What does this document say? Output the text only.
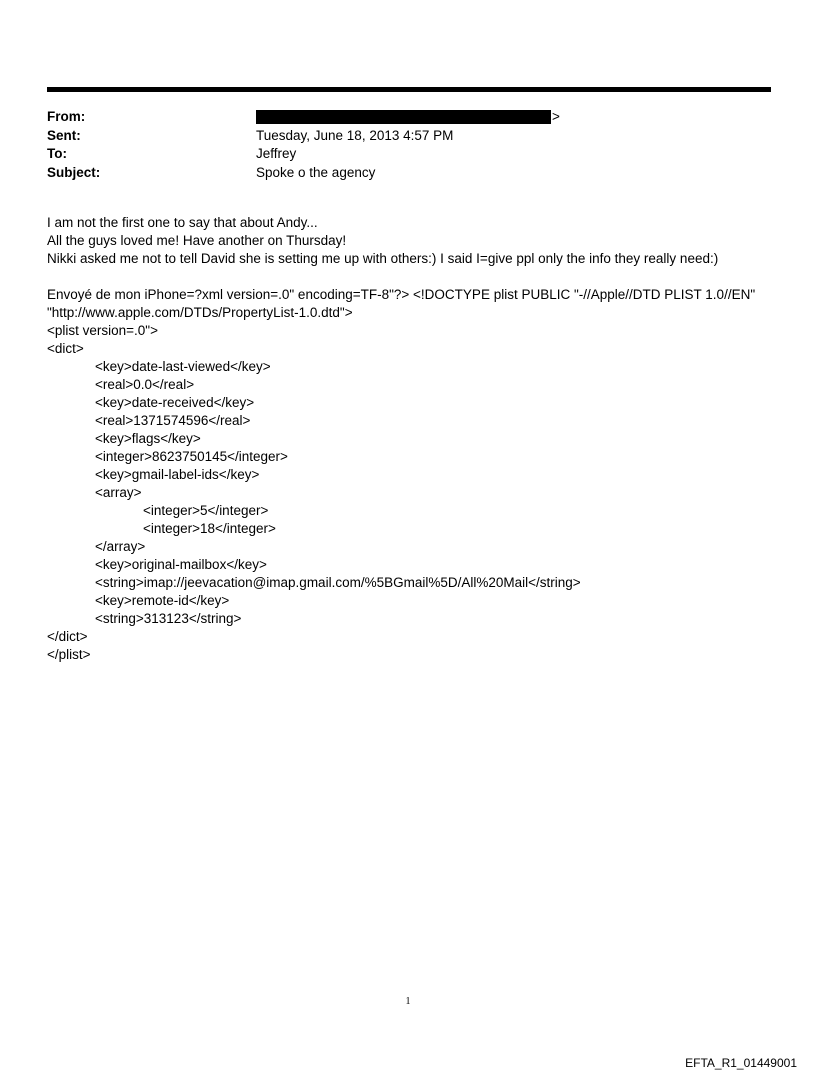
From:	>
Sent:	Tuesday, June 18, 2013 4:57 PM
To:	Jeffrey
Subject:	Spoke o the agency
I am not the first one to say that about Andy...
All the guys loved me! Have another on Thursday!
Nikki asked me not to tell David she is setting me up with others:) I said I=give ppl only the info they really need:)
Envoyé de mon iPhone=?xml version=.0" encoding=TF-8"?> <!DOCTYPE plist PUBLIC "-//Apple//DTD PLIST 1.0//EN"
"http://www.apple.com/DTDs/PropertyList-1.0.dtd">
<plist version=.0">
<dict>
<key>date-last-viewed</key>
<real>0.0</real>
<key>date-received</key>
<real>1371574596</real>
<key>flags</key>
<integer>8623750145</integer>
<key>gmail-label-ids</key>
<array>
<integer>5</integer>
<integer>18</integer>
</array>
<key>original-mailbox</key>
<string>imap://jeevacation@imap.gmail.com/%5BGmail%5D/All%20Mail</string>
<key>remote-id</key>
<string>313123</string>
</dict>
</plist>
1
EFTA_R1_01449001
